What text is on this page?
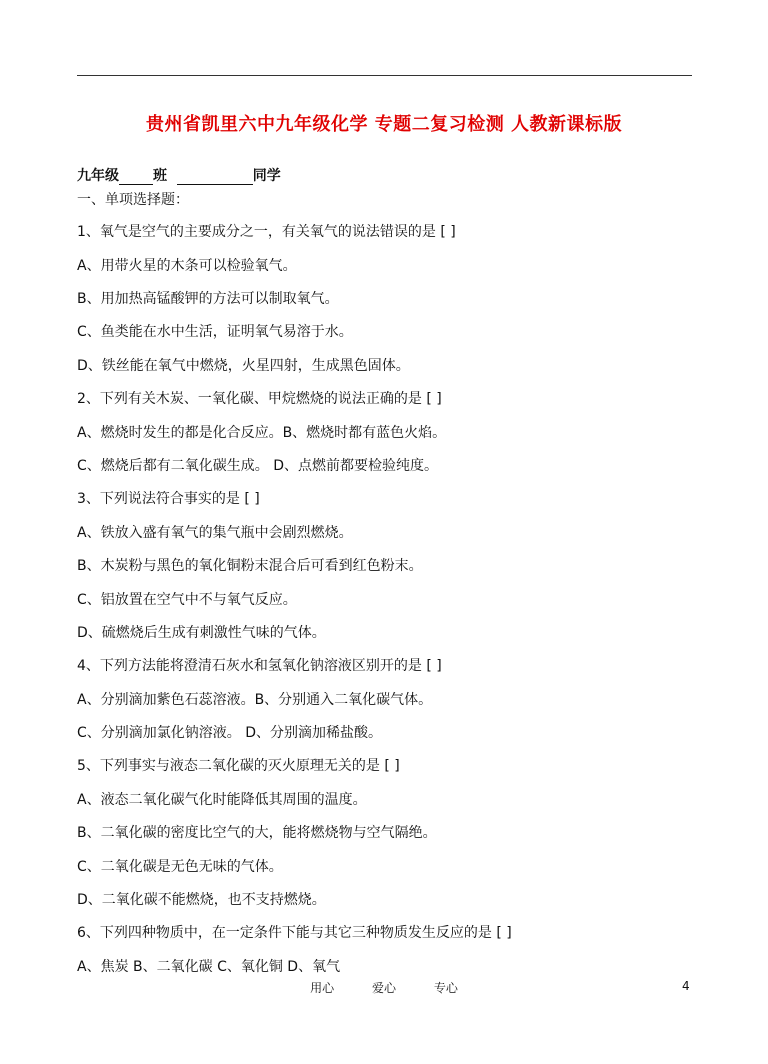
贵州省凯里六中九年级化学 专题二复习检测 人教新课标版
九年级 班	同学
一、单项选择题：
1、氧气是空气的主要成分之一，有关氧气的说法错误的是 [ ]
A、用带火星的木条可以检验氧气。
B、用加热高锰酸钾的方法可以制取氧气。
C、鱼类能在水中生活，证明氧气易溶于水。
D、铁丝能在氧气中燃烧，火星四射，生成黑色固体。
2、下列有关木炭、一氧化碳、甲烷燃烧的说法正确的是 [ ]
A、燃烧时发生的都是化合反应。B、燃烧时都有蓝色火焰。
C、燃烧后都有二氧化碳生成。 D、点燃前都要检验纯度。
3、下列说法符合事实的是 [ ]
A、铁放入盛有氧气的集气瓶中会剧烈燃烧。
B、木炭粉与黑色的氧化铜粉末混合后可看到红色粉末。
C、铝放置在空气中不与氧气反应。
D、硫燃烧后生成有刺激性气味的气体。
4、下列方法能将澄清石灰水和氢氧化钠溶液区别开的是 [ ]
A、分别滴加紫色石蕊溶液。B、分别通入二氧化碳气体。
C、分别滴加氯化钠溶液。 D、分别滴加稀盐酸。
5、下列事实与液态二氧化碳的灭火原理无关的是 [ ]
A、液态二氧化碳气化时能降低其周围的温度。
B、二氧化碳的密度比空气的大，能将燃烧物与空气隔绝。
C、二氧化碳是无色无味的气体。
D、二氧化碳不能燃烧，也不支持燃烧。
6、下列四种物质中，在一定条件下能与其它三种物质发生反应的是 [ ]
A、焦炭 B、二氧化碳 C、氧化铜 D、氧气
用心	爱心	专心	4
